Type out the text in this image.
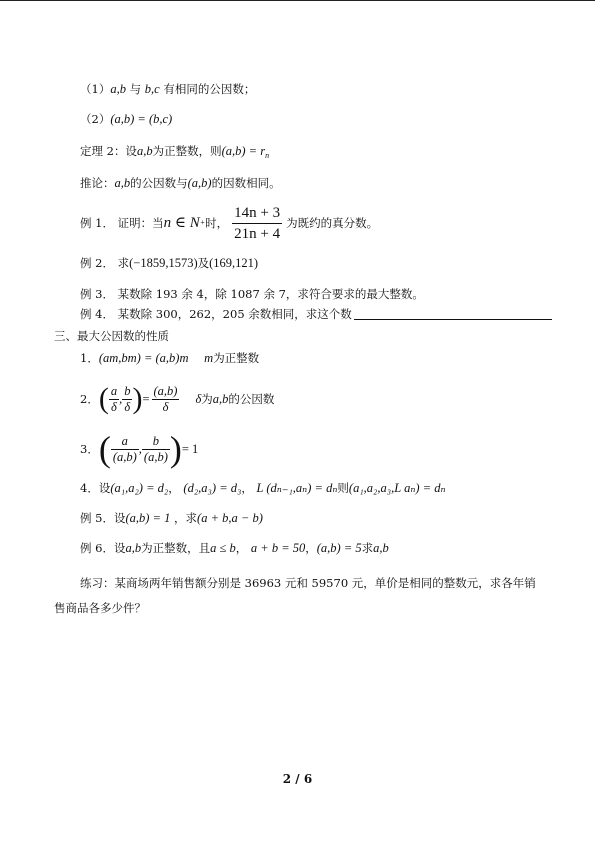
（1）a,b 与 b,c 有相同的公因数；
（2）(a,b) = (b,c)
定理 2：设a,b为正整数，则$(a,b) = r_n$
推论：a,b的公因数与(a,b)的因数相同。
例 1． 证明：当 n ∈ N + 时， $\frac{14n + 3}{21n + 4}$ 为既约的真分数。
例 2． 求(−1859,1573)及(169,121)
例 3． 某数除 193 余 4，除 1087 余 7，求符合要求的最大整数。
例 4． 某数除 300，262，205 余数相同，求这个数
三、最大公因数的性质
1．(am,bm) = (a,b)m m为正整数
2． ( $\frac{a}{\delta}$ , $\frac{b}{\delta}$ ) = $\frac{(a,b)}{\delta}$ δ 为 a,b 的公因数
3． ( $\frac{a}{(a,b)}$ , $\frac{b}{(a,b)}$ ) = 1
4．设(a₁,a₂) = d₂， (d₂,a₃) = d₃， L (dₙ₋₁,aₙ) = dₙ则(a₁,a₂,a₃,L aₙ) = dₙ
例 5．设(a,b) = 1 ，求(a + b,a − b)
例 6．设a,b为正整数，且a ≤ b， a + b = 50，(a,b) = 5求a,b
练习：某商场两年销售额分别是 36963 元和 59570 元，单价是相同的整数元，求各年销
售商品各多少件？
2 / 6
